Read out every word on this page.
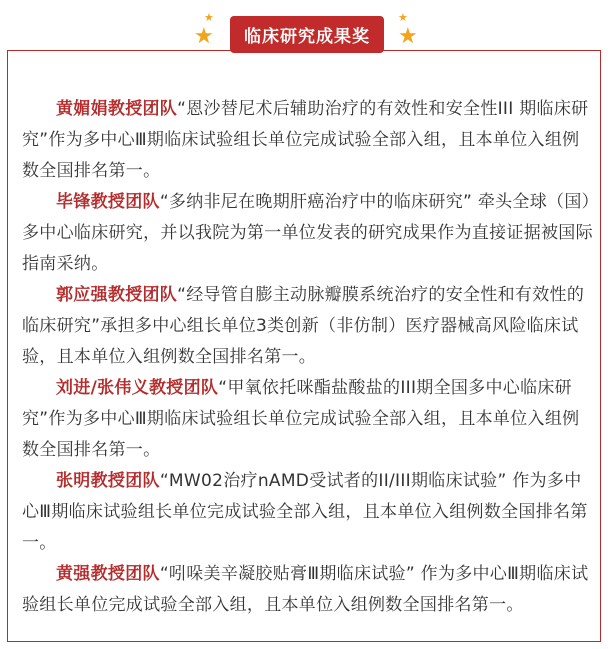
★
★	临床研究成果奖
★
★

黄媚娟教授团队“恩沙替尼术后辅助治疗的有效性和安全性III 期临床研究”作为多中心Ⅲ期临床试验组长单位完成试验全部入组，且本单位入组例数全国排名第一。

毕锋教授团队“多纳非尼在晚期肝癌治疗中的临床研究” 牵头全球（国）多中心临床研究，并以我院为第一单位发表的研究成果作为直接证据被国际指南采纳。

郭应强教授团队“经导管自膨主动脉瓣膜系统治疗的安全性和有效性的临床研究”承担多中心组长单位3类创新（非仿制）医疗器械高风险临床试验，且本单位入组例数全国排名第一。

刘进/张伟义教授团队“甲氧依托咪酯盐酸盐的III期全国多中心临床研究”作为多中心Ⅲ期临床试验组长单位完成试验全部入组，且本单位入组例数全国排名第一。

张明教授团队“MW02治疗nAMD受试者的II/III期临床试验” 作为多中心Ⅲ期临床试验组长单位完成试验全部入组，且本单位入组例数全国排名第一。

黄强教授团队“吲哚美辛凝胶贴膏Ⅲ期临床试验” 作为多中心Ⅲ期临床试验组长单位完成试验全部入组，且本单位入组例数全国排名第一。
